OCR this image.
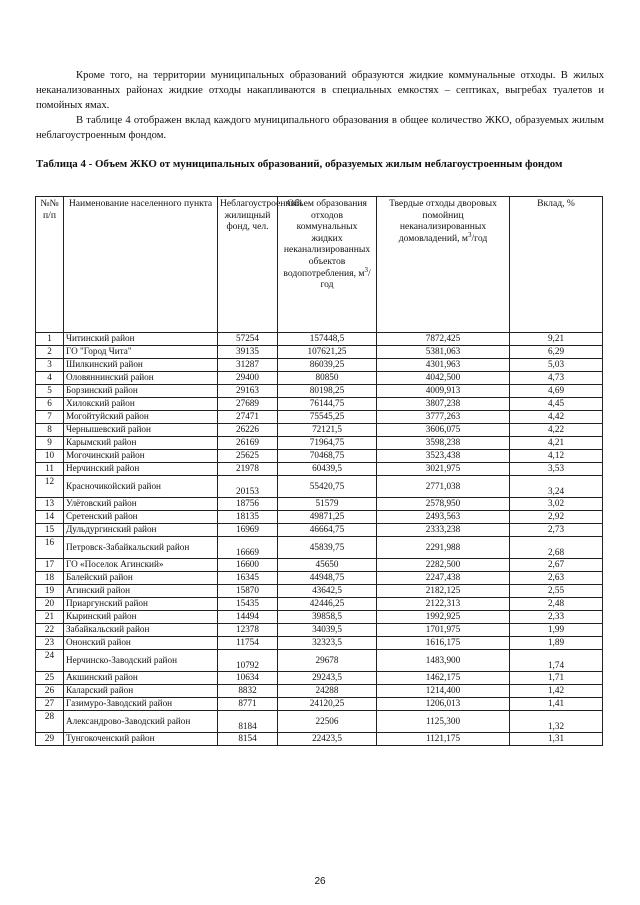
Кроме того, на территории муниципальных образований образуются жидкие коммунальные отходы. В жилых неканализованных районах жидкие отходы накапливаются в специальных емкостях – септиках, выгребах туалетов и помойных ямах.

В таблице 4 отображен вклад каждого муниципального образования в общее количество ЖКО, образуемых жилым неблагоустроенным фондом.

Таблица 4 - Объем ЖКО от муниципальных образований, образуемых жилым неблагоустроенным фондом

№№ п/п	Наименование населенного пункта	Неблагоустроенный жилищный фонд, чел.	Объем образования отходов коммунальных жидких неканализированных объектов водопотребления, $м^3$/год	Твердые отходы дворовых помойниц неканализированных домовладений, $м^3$/год	Вклад, %
1	Читинский район	57254	157448,5	7872,425	9,21
2	ГО "Город Чита"	39135	107621,25	5381,063	6,29
3	Шилкинский район	31287	86039,25	4301,963	5,03
4	Оловяннинский район	29400	80850	4042,500	4,73
5	Борзинский район	29163	80198,25	4009,913	4,69
6	Хилокский район	27689	76144,75	3807,238	4,45
7	Могойтуйский район	27471	75545,25	3777,263	4,42
8	Чернышевский район	26226	72121,5	3606,075	4,22
9	Карымский район	26169	71964,75	3598,238	4,21
10	Могочинский район	25625	70468,75	3523,438	4,12
11	Нерчинский район	21978	60439,5	3021,975	3,53
12	Красночикойский район	20153	55420,75	2771,038	3,24
13	Улётовский район	18756	51579	2578,950	3,02
14	Сретенский район	18135	49871,25	2493,563	2,92
15	Дульдургинский район	16969	46664,75	2333,238	2,73
16	Петровск-Забайкальский район	16669	45839,75	2291,988	2,68
17	ГО «Поселок Агинский»	16600	45650	2282,500	2,67
18	Балейский район	16345	44948,75	2247,438	2,63
19	Агинский район	15870	43642,5	2182,125	2,55
20	Приаргунский район	15435	42446,25	2122,313	2,48
21	Кыринский район	14494	39858,5	1992,925	2,33
22	Забайкальский район	12378	34039,5	1701,975	1,99
23	Ононский район	11754	32323,5	1616,175	1,89
24	Нерчинско-Заводский район	10792	29678	1483,900	1,74
25	Акшинский район	10634	29243,5	1462,175	1,71
26	Каларский район	8832	24288	1214,400	1,42
27	Газимуро-Заводский район	8771	24120,25	1206,013	1,41
28	Александрово-Заводский район	8184	22506	1125,300	1,32
29	Тунгокоченский район	8154	22423,5	1121,175	1,31
26
